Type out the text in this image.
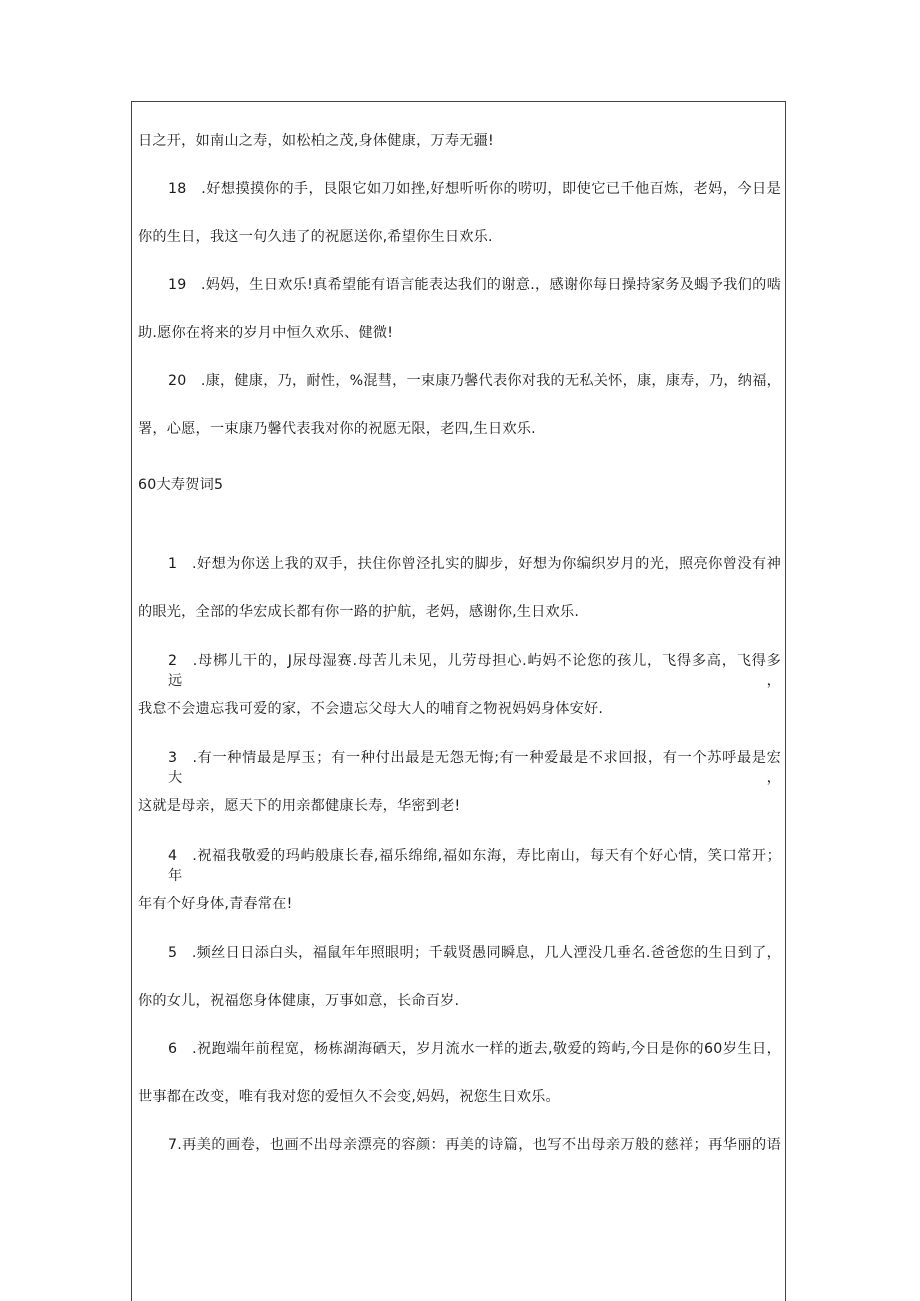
日之开，如南山之寿，如松柏之茂,身体健康，万寿无疆!
18　.好想摸摸你的手，艮限它如刀如挫,好想听听你的唠叨，即使它已千他百炼，老妈，今日是
你的生日，我这一句久违了的祝愿送你,希望你生日欢乐.
19　.妈妈，生日欢乐!真希望能有语言能表达我们的谢意.，感谢你每日操持家务及蝎予我们的啮
助.愿你在将来的岁月中恒久欢乐、健微!
20　.康，健康，乃，耐性，%混彗，一束康乃馨代表你对我的无私关怀，康，康寿，乃，纳福，
署，心愿，一束康乃馨代表我对你的祝愿无限，老四,生日欢乐.
60大寿贺词5
1　.好想为你送上我的双手，扶住你曾泾扎实的脚步，好想为你编织岁月的光，照亮你曾没有神
的眼光，全部的华宏成长都有你一路的护航，老妈，感谢你,生日欢乐.
2　.母梆儿干的，J尿母湿赛.母苦儿未见，儿劳母担心.屿妈不论您的孩儿，飞得多高，飞得多远，
我怠不会遗忘我可爱的家，不会遗忘父母大人的哺育之物祝妈妈身体安好.
3　.有一种情最是厚玉；有一种付出最是无怨无悔;有一种爱最是不求回报，有一个苏呼最是宏大，
这就是母亲，愿天下的用亲都健康长寿，华密到老!
4　.祝福我敬爱的玛屿般康长春,福乐绵绵,福如东海，寿比南山，每天有个好心情，笑口常开；年
年有个好身体,青春常在!
5　.频丝日日添白头，福鼠年年照眼明；千载贤愚同瞬息，几人湮没几垂名.爸爸您的生日到了，
你的女儿，祝福您身体健康，万事如意，长命百岁.
6　.祝跑端年前程宽，杨栋湖海硒天，岁月流水一样的逝去,敬爱的筠屿,今日是你的60岁生日，
世事都在改变，唯有我对您的爱恒久不会变,妈妈，祝您生日欢乐。
7.再美的画卷，也画不出母亲漂亮的容颜：再美的诗篇，也写不出母亲万般的慈祥；再华丽的语
